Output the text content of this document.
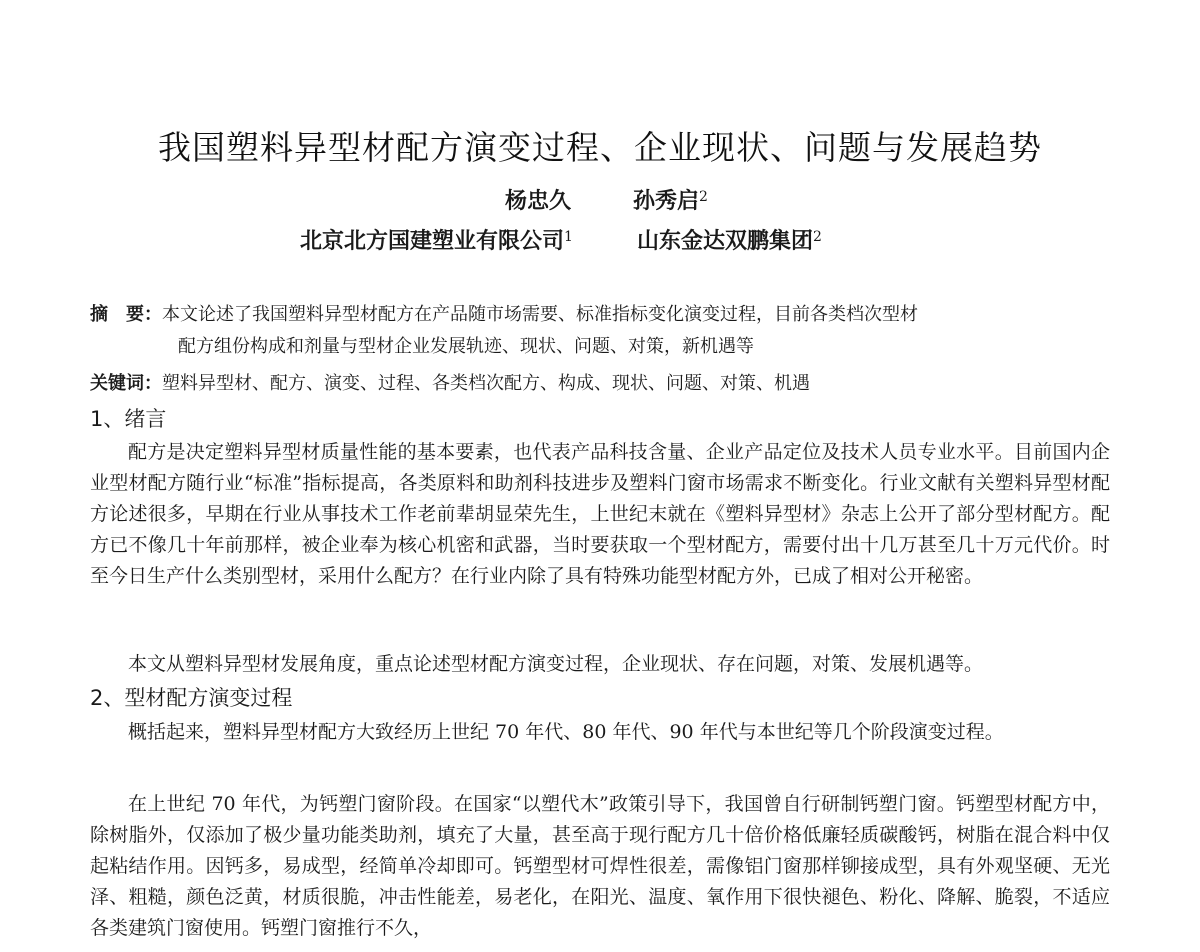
我国塑料异型材配方演变过程、企业现状、问题与发展趋势
杨忠久	孙秀启$^2$
北京北方国建塑业有限公司$^1$	山东金达双鹏集团$^2$
摘　要：本文论述了我国塑料异型材配方在产品随市场需要、标准指标变化演变过程，目前各类档次型材
配方组份构成和剂量与型材企业发展轨迹、现状、问题、对策，新机遇等
关键词：塑料异型材、配方、演变、过程、各类档次配方、构成、现状、问题、对策、机遇
1、绪言
配方是决定塑料异型材质量性能的基本要素，也代表产品科技含量、企业产品定位及技术人员专业水平。目前国内企业型材配方随行业“标准”指标提高，各类原料和助剂科技进步及塑料门窗市场需求不断变化。行业文献有关塑料异型材配方论述很多，早期在行业从事技术工作老前辈胡显荣先生，上世纪末就在《塑料异型材》杂志上公开了部分型材配方。配方已不像几十年前那样，被企业奉为核心机密和武器，当时要获取一个型材配方，需要付出十几万甚至几十万元代价。时至今日生产什么类别型材，采用什么配方？在行业内除了具有特殊功能型材配方外，已成了相对公开秘密。
本文从塑料异型材发展角度，重点论述型材配方演变过程，企业现状、存在问题，对策、发展机遇等。
2、型材配方演变过程
概括起来，塑料异型材配方大致经历上世纪 70 年代、80 年代、90 年代与本世纪等几个阶段演变过程。
在上世纪 70 年代，为钙塑门窗阶段。在国家“以塑代木”政策引导下，我国曾自行研制钙塑门窗。钙塑型材配方中，除树脂外，仅添加了极少量功能类助剂，填充了大量，甚至高于现行配方几十倍价格低廉轻质碳酸钙，树脂在混合料中仅起粘结作用。因钙多，易成型，经简单冷却即可。钙塑型材可焊性很差，需像铝门窗那样铆接成型，具有外观坚硬、无光泽、粗糙，颜色泛黄，材质很脆，冲击性能差，易老化，在阳光、温度、氧作用下很快褪色、粉化、降解、脆裂，不适应各类建筑门窗使用。钙塑门窗推行不久，
